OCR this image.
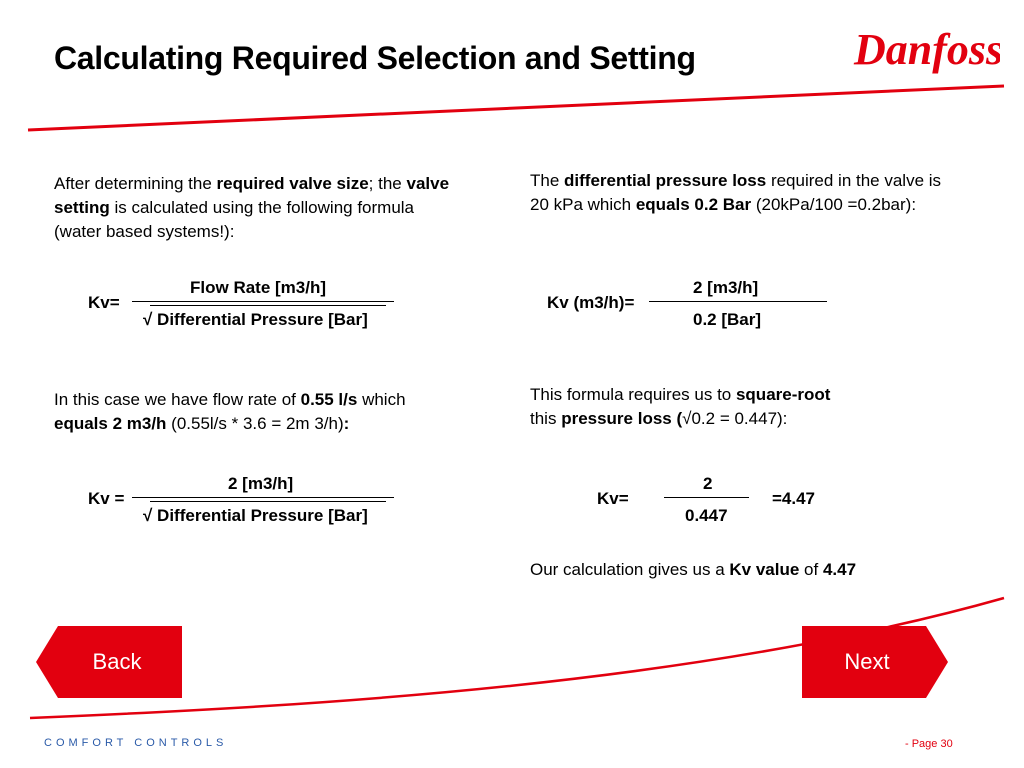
Calculating Required Selection and Setting	Danfoss
After determining the required valve size; the valve setting is calculated using the following formula (water based systems!):
Kv=
Flow Rate [m3/h]
√ Differential Pressure [Bar]
In this case we have flow rate of 0.55 l/s which
equals 2 m3/h (0.55l/s * 3.6 = 2m 3/h):
Kv =
2 [m3/h]
√ Differential Pressure [Bar]
The differential pressure loss required in the valve is 20 kPa which equals 0.2 Bar (20kPa/100 =0.2bar):
Kv (m3/h)=
2 [m3/h]
0.2 [Bar]
This formula requires us to square-root
this pressure loss (√0.2 = 0.447):
Kv=
2
0.447
=4.47
Our calculation gives us a Kv value of 4.47
Back	Next
COMFORT CONTROLS	- Page 30
